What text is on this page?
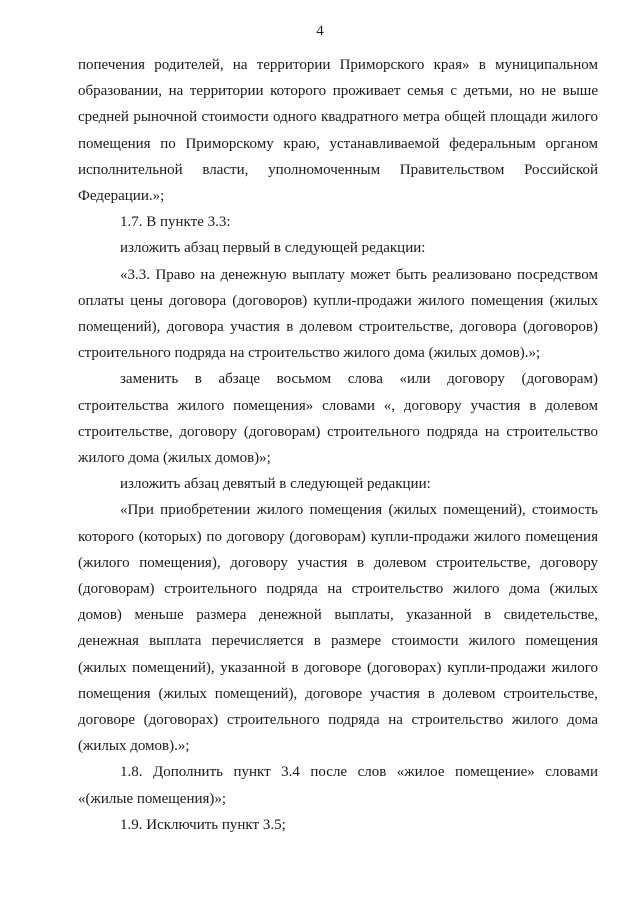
4

попечения родителей, на территории Приморского края» в муниципальном образовании, на территории которого проживает семья с детьми, но не выше средней рыночной стоимости одного квадратного метра общей площади жилого помещения по Приморскому краю, устанавливаемой федеральным органом исполнительной власти, уполномоченным Правительством Российской Федерации.»;

1.7. В пункте 3.3:

изложить абзац первый в следующей редакции:

«3.3. Право на денежную выплату может быть реализовано посредством оплаты цены договора (договоров) купли-продажи жилого помещения (жилых помещений), договора участия в долевом строительстве, договора (договоров) строительного подряда на строительство жилого дома (жилых домов).»;

заменить в абзаце восьмом слова «или договору (договорам) строительства жилого помещения» словами «, договору участия в долевом строительстве, договору (договорам) строительного подряда на строительство жилого дома (жилых домов)»;

изложить абзац девятый в следующей редакции:

«При приобретении жилого помещения (жилых помещений), стоимость которого (которых) по договору (договорам) купли-продажи жилого помещения (жилого помещения), договору участия в долевом строительстве, договору (договорам) строительного подряда на строительство жилого дома (жилых домов) меньше размера денежной выплаты, указанной в свидетельстве, денежная выплата перечисляется в размере стоимости жилого помещения (жилых помещений), указанной в договоре (договорах) купли-продажи жилого помещения (жилых помещений), договоре участия в долевом строительстве, договоре (договорах) строительного подряда на строительство жилого дома (жилых домов).»;

1.8. Дополнить пункт 3.4 после слов «жилое помещение» словами «(жилые помещения)»;

1.9. Исключить пункт 3.5;
